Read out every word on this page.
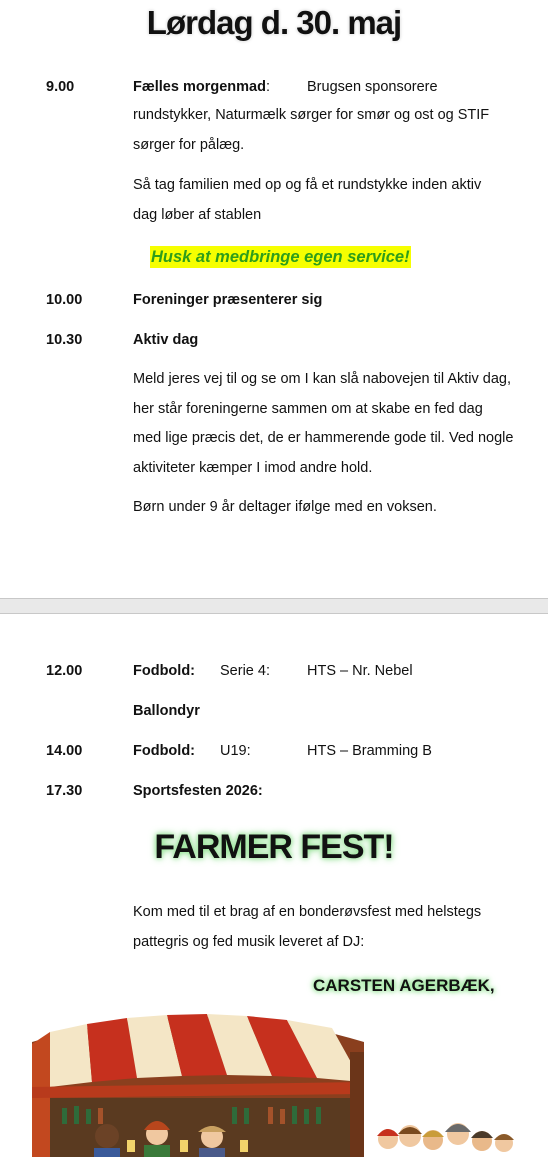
Lørdag d. 30. maj
9.00	Fælles morgenmad:	Brugsen sponsorere
rundstykker, Naturmælk sørger for smør og ost og STIF sørger for pålæg.
Så tag familien med op og få et rundstykke inden aktiv dag løber af stablen
Husk at medbringe egen service!
10.00	Foreninger præsenterer sig
10.30	Aktiv dag
Meld jeres vej til og se om I kan slå nabovejen til Aktiv dag, her står foreningerne sammen om at skabe en fed dag med lige præcis det, de er hammerende gode til. Ved nogle aktiviteter kæmper I imod andre hold.
Børn under 9 år deltager ifølge med en voksen.
12.00	Fodbold: Serie 4:	HTS – Nr. Nebel
Ballondyr
14.00	Fodbold: U19:	HTS – Bramming B
17.30	Sportsfesten 2026:
FARMER FEST!
Kom med til et brag af en bonderøvsfest med helstegs pattegris og fed musik leveret af DJ:
CARSTEN AGERBÆK,
